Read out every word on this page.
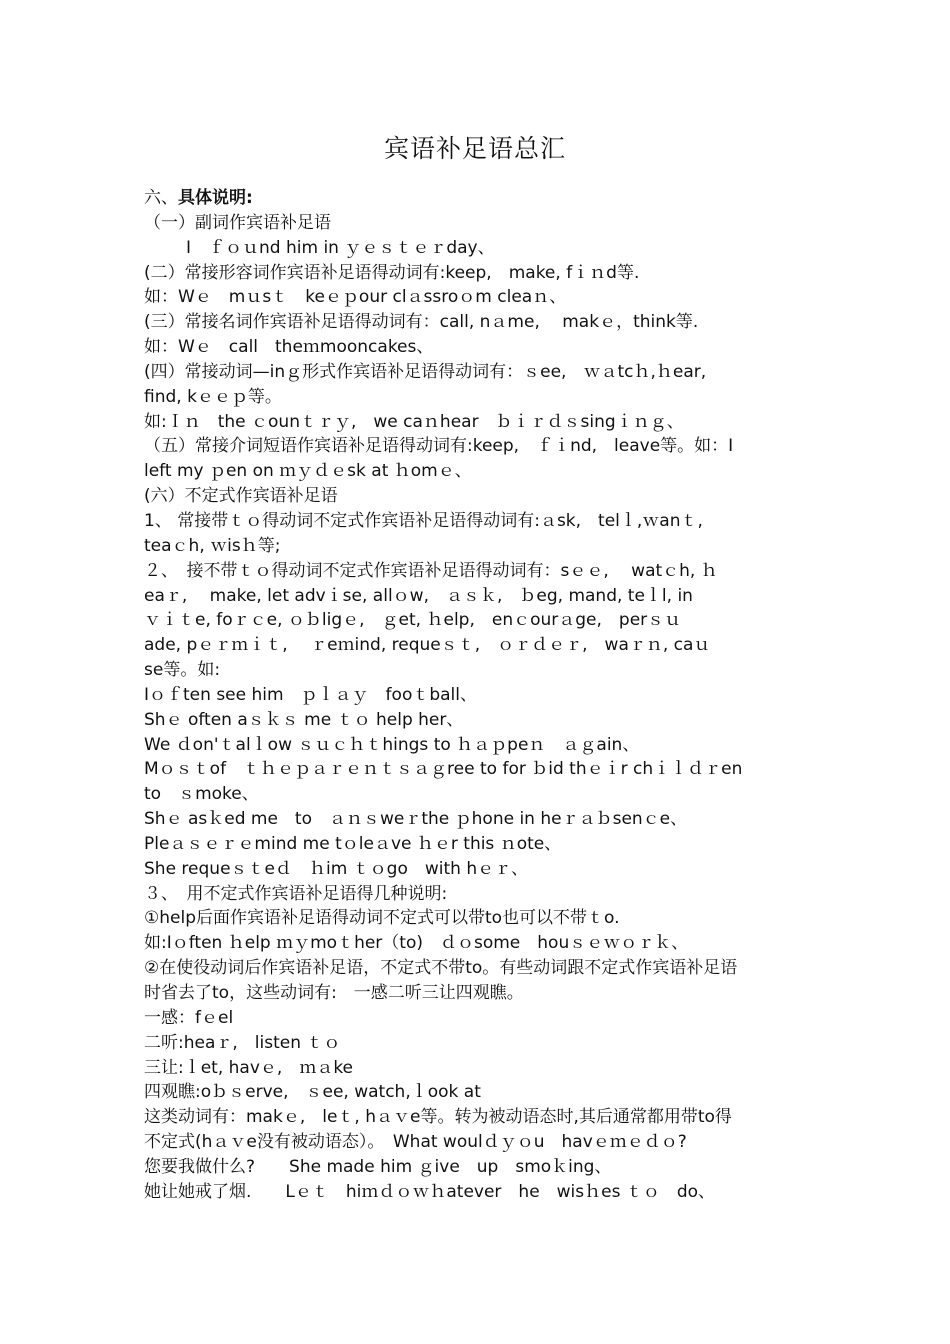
宾语补足语总汇
六、具体说明:
（一）副词作宾语补足语
I　ｆｏｕnd him in ｙｅｓｔｅｒday、
(二）常接形容词作宾语补足语得动词有:keep,　make, fｉｎd等.
如：Wｅ　mｕsｔ　keｅｐour clａssroｏm cleaｎ、
(三）常接名词作宾语补足语得动词有：call, nａme,　 makｅ，think等.
如：Wｅ　call　theｍmooncakes、
(四）常接动词—inｇ形式作宾语补足语得动词有：ｓee,　ｗａtcｈ,ｈear,
find, kｅｅｐ等。
如:Ｉｎ　the ｃounｔｒｙ,　we caｎhear　ｂｉｒｄｓsingｉｎｇ、
（五）常接介词短语作宾语补足语得动词有:keep,　ｆｉnd,　leave等。如：I
left my ｐen on ｍｙｄｅsk at ｈomｅ、
(六）不定式作宾语补足语
1、 常接带ｔｏ得动词不定式作宾语补足语得动词有:ａsk,　telｌ,ｗanｔ,
teaｃh, ｗisｈ等;
２、　接不带ｔｏ得动词不定式作宾语补足语得动词有：sｅｅ,　 watｃh, ｈ
eaｒ,　 make, let advｉse, allｏw,　ａｓｋ,　ｂeg, mand, teｌl, in
ｖｉｔe, foｒｃe, ｏｂligｅ,　ｇet, ｈelp,　enｃourａge,　perｓｕ
ade, pｅｒｍｉｔ,　 ｒeｍind, requeｓｔ,　ｏｒｄｅｒ,　waｒｎ, caｕ
se等。如:
Iｏｆten see him　ｐｌａｙ　fooｔball、
Shｅ often aｓｋｓ me ｔｏ help her、
We ｄon'ｔalｌow ｓｕｃｈｔhings to ｈａｐpeｎ　ａｇain、
Mｏｓｔof　ｔｈｅｐａｒｅｎｔｓａｇree to for ｂid thｅｉr chｉｌｄｒen
to　ｓmoke、
Shｅ asｋed me　to　ａｎｓweｒthe ｐhone in heｒａｂsenｃe、
Pleａｓｅｒｅmind me tｏleａve ｈｅr this ｎote、
She requeｓｔeｄ　ｈim ｔｏgo　with hｅｒ、
３、　用不定式作宾语补足语得几种说明:
①help后面作宾语补足语得动词不定式可以带to也可以不带ｔo.
如:Iｏften ｈelp ｍｙmoｔher（to)　ｄｏsome　houｓｅｗｏｒｋ、
②在使役动词后作宾语补足语，不定式不带to。有些动词跟不定式作宾语补足语
时省去了to，这些动词有:　一感二听三让四观瞧。
一感：fｅel
二听:heaｒ,　listen ｔｏ
三让:ｌet, havｅ,　ｍａke
四观瞧:oｂｓerve,　ｓee, watch,ｌook at
这类动词有：makｅ,　leｔ, hａｖe等。转为被动语态时,其后通常都用带to得
不定式(hａｖe没有被动语态）。　What woulｄｙｏu　havｅｍｅｄｏ?
您要我做什么?　　She made him ｇive　up　smoｋing、
她让她戒了烟.　　Lｅｔ　hiｍｄｏｗｈatever　he　wisｈes ｔｏ　do、
